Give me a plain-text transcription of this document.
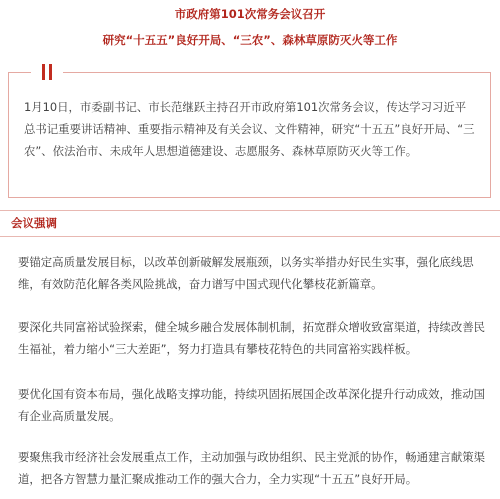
市政府第101次常务会议召开
研究“十五五”良好开局、“三农”、森林草原防灭火等工作
1月10日，市委副书记、市长范继跃主持召开市政府第101次常务会议，传达学习习近平总书记重要讲话精神、重要指示精神及有关会议、文件精神，研究“十五五”良好开局、“三农”、依法治市、未成年人思想道德建设、志愿服务、森林草原防灭火等工作。
会议强调
要锚定高质量发展目标，以改革创新破解发展瓶颈，以务实举措办好民生实事，强化底线思维，有效防范化解各类风险挑战，奋力谱写中国式现代化攀枝花新篇章。
要深化共同富裕试验探索，健全城乡融合发展体制机制，拓宽群众增收致富渠道，持续改善民生福祉，着力缩小“三大差距”，努力打造具有攀枝花特色的共同富裕实践样板。
要优化国有资本布局，强化战略支撑功能，持续巩固拓展国企改革深化提升行动成效，推动国有企业高质量发展。
要聚焦我市经济社会发展重点工作，主动加强与政协组织、民主党派的协作，畅通建言献策渠道，把各方智慧力量汇聚成推动工作的强大合力，全力实现“十五五”良好开局。
